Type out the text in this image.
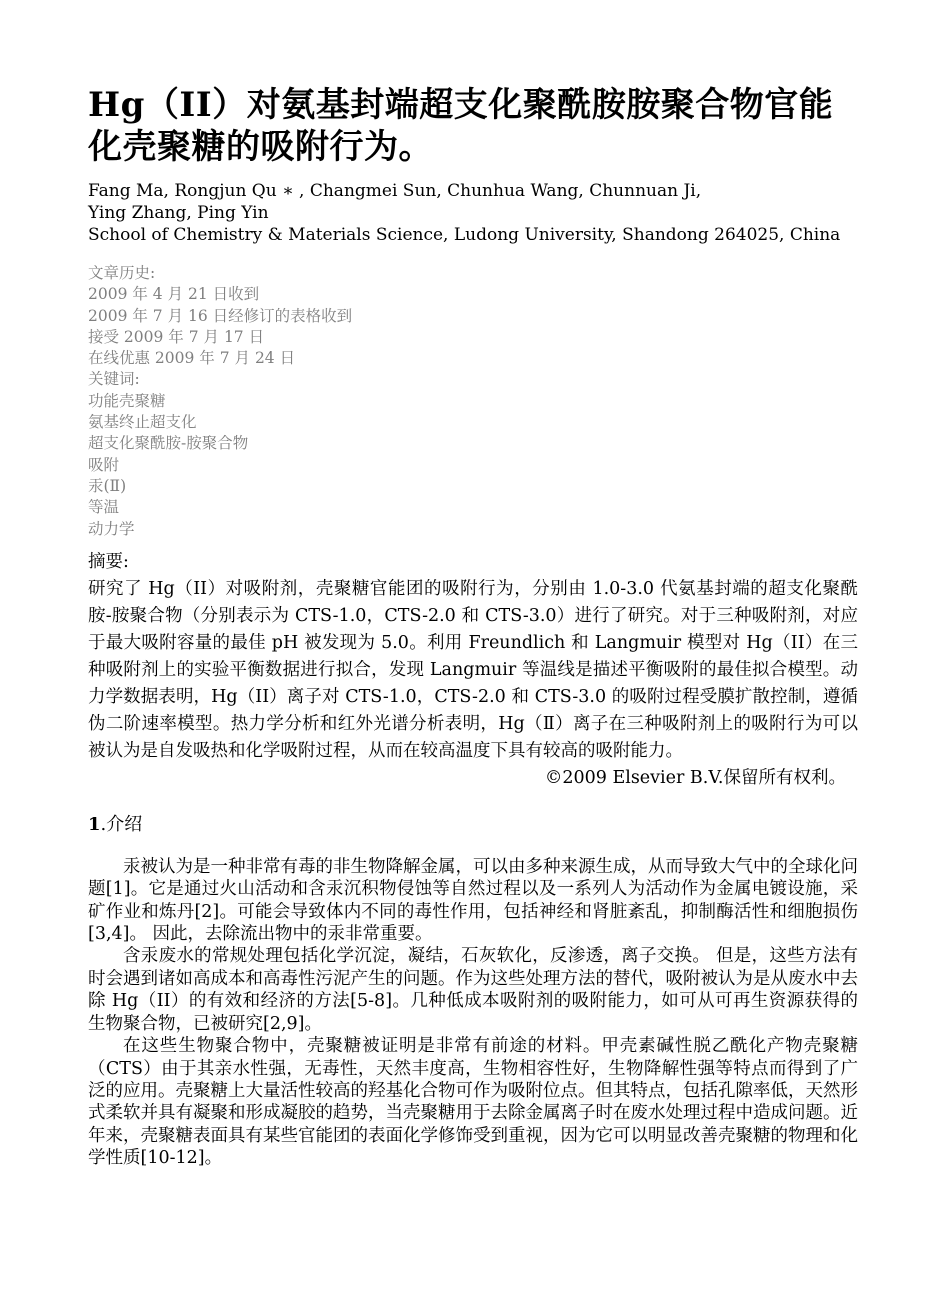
Hg（II）对氨基封端超支化聚酰胺胺聚合物官能化壳聚糖的吸附行为。
Fang Ma, Rongjun Qu ∗ , Changmei Sun, Chunhua Wang, Chunnuan Ji,
Ying Zhang, Ping Yin
School of Chemistry & Materials Science, Ludong University, Shandong 264025, China
文章历史:
2009 年 4 月 21 日收到
2009 年 7 月 16 日经修订的表格收到
接受 2009 年 7 月 17 日
在线优惠 2009 年 7 月 24 日
关键词:
功能壳聚糖
氨基终止超支化
超支化聚酰胺-胺聚合物
吸附
汞(Ⅱ)
等温
动力学
摘要:

研究了 Hg（II）对吸附剂，壳聚糖官能团的吸附行为，分别由 1.0-3.0 代氨基封端的超支化聚酰胺-胺聚合物（分别表示为 CTS-1.0，CTS-2.0 和 CTS-3.0）进行了研究。对于三种吸附剂，对应于最大吸附容量的最佳 pH 被发现为 5.0。利用 Freundlich 和 Langmuir 模型对 Hg（II）在三种吸附剂上的实验平衡数据进行拟合，发现 Langmuir 等温线是描述平衡吸附的最佳拟合模型。动力学数据表明，Hg（II）离子对 CTS-1.0，CTS-2.0 和 CTS-3.0 的吸附过程受膜扩散控制，遵循伪二阶速率模型。热力学分析和红外光谱分析表明，Hg（Ⅱ）离子在三种吸附剂上的吸附行为可以被认为是自发吸热和化学吸附过程，从而在较高温度下具有较高的吸附能力。

©2009 Elsevier B.V.保留所有权利。

1.介绍

汞被认为是一种非常有毒的非生物降解金属，可以由多种来源生成，从而导致大气中的全球化问题[1]。它是通过火山活动和含汞沉积物侵蚀等自然过程以及一系列人为活动作为金属电镀设施，采矿作业和炼丹[2]。可能会导致体内不同的毒性作用，包括神经和肾脏紊乱，抑制酶活性和细胞损伤[3,4]。 因此，去除流出物中的汞非常重要。

含汞废水的常规处理包括化学沉淀，凝结，石灰软化，反渗透，离子交换。 但是，这些方法有时会遇到诸如高成本和高毒性污泥产生的问题。作为这些处理方法的替代，吸附被认为是从废水中去除 Hg（II）的有效和经济的方法[5-8]。几种低成本吸附剂的吸附能力，如可从可再生资源获得的生物聚合物，已被研究[2,9]。

在这些生物聚合物中，壳聚糖被证明是非常有前途的材料。甲壳素碱性脱乙酰化产物壳聚糖（CTS）由于其亲水性强，无毒性，天然丰度高，生物相容性好，生物降解性强等特点而得到了广泛的应用。壳聚糖上大量活性较高的羟基化合物可作为吸附位点。但其特点，包括孔隙率低，天然形式柔软并具有凝聚和形成凝胶的趋势，当壳聚糖用于去除金属离子时在废水处理过程中造成问题。近年来，壳聚糖表面具有某些官能团的表面化学修饰受到重视，因为它可以明显改善壳聚糖的物理和化学性质[10-12]。
